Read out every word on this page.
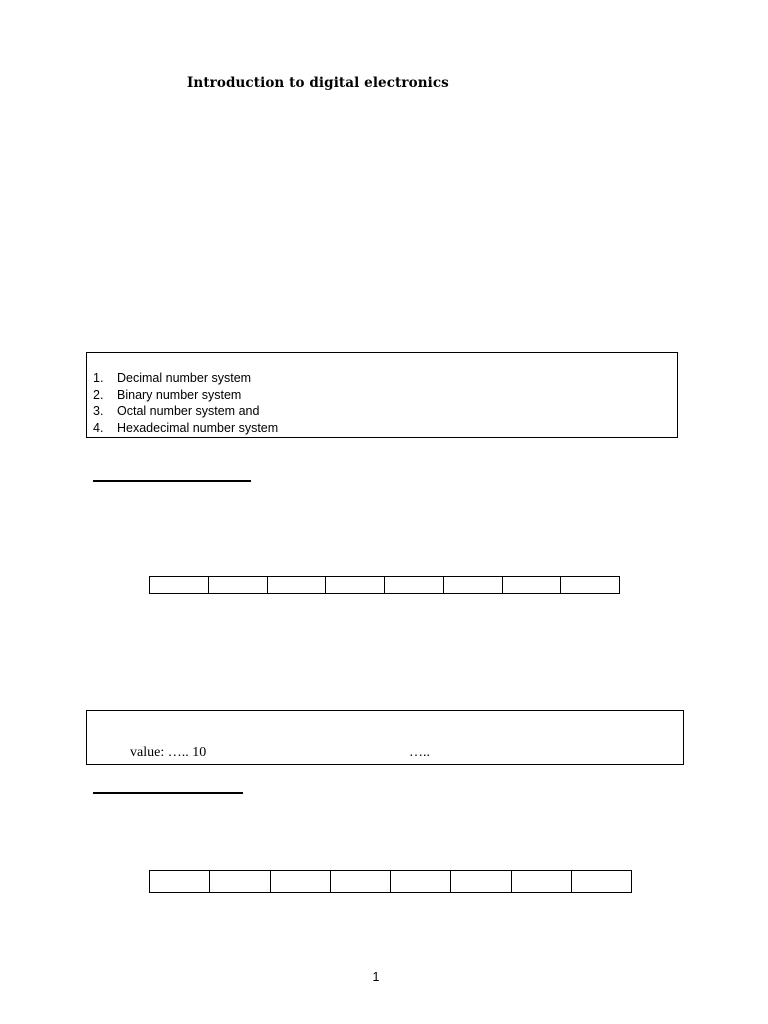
Introduction to digital electronics
1. Decimal number system
2. Binary number system
3. Octal number system and
4. Hexadecimal number system
value: ….. 10	…..
1
